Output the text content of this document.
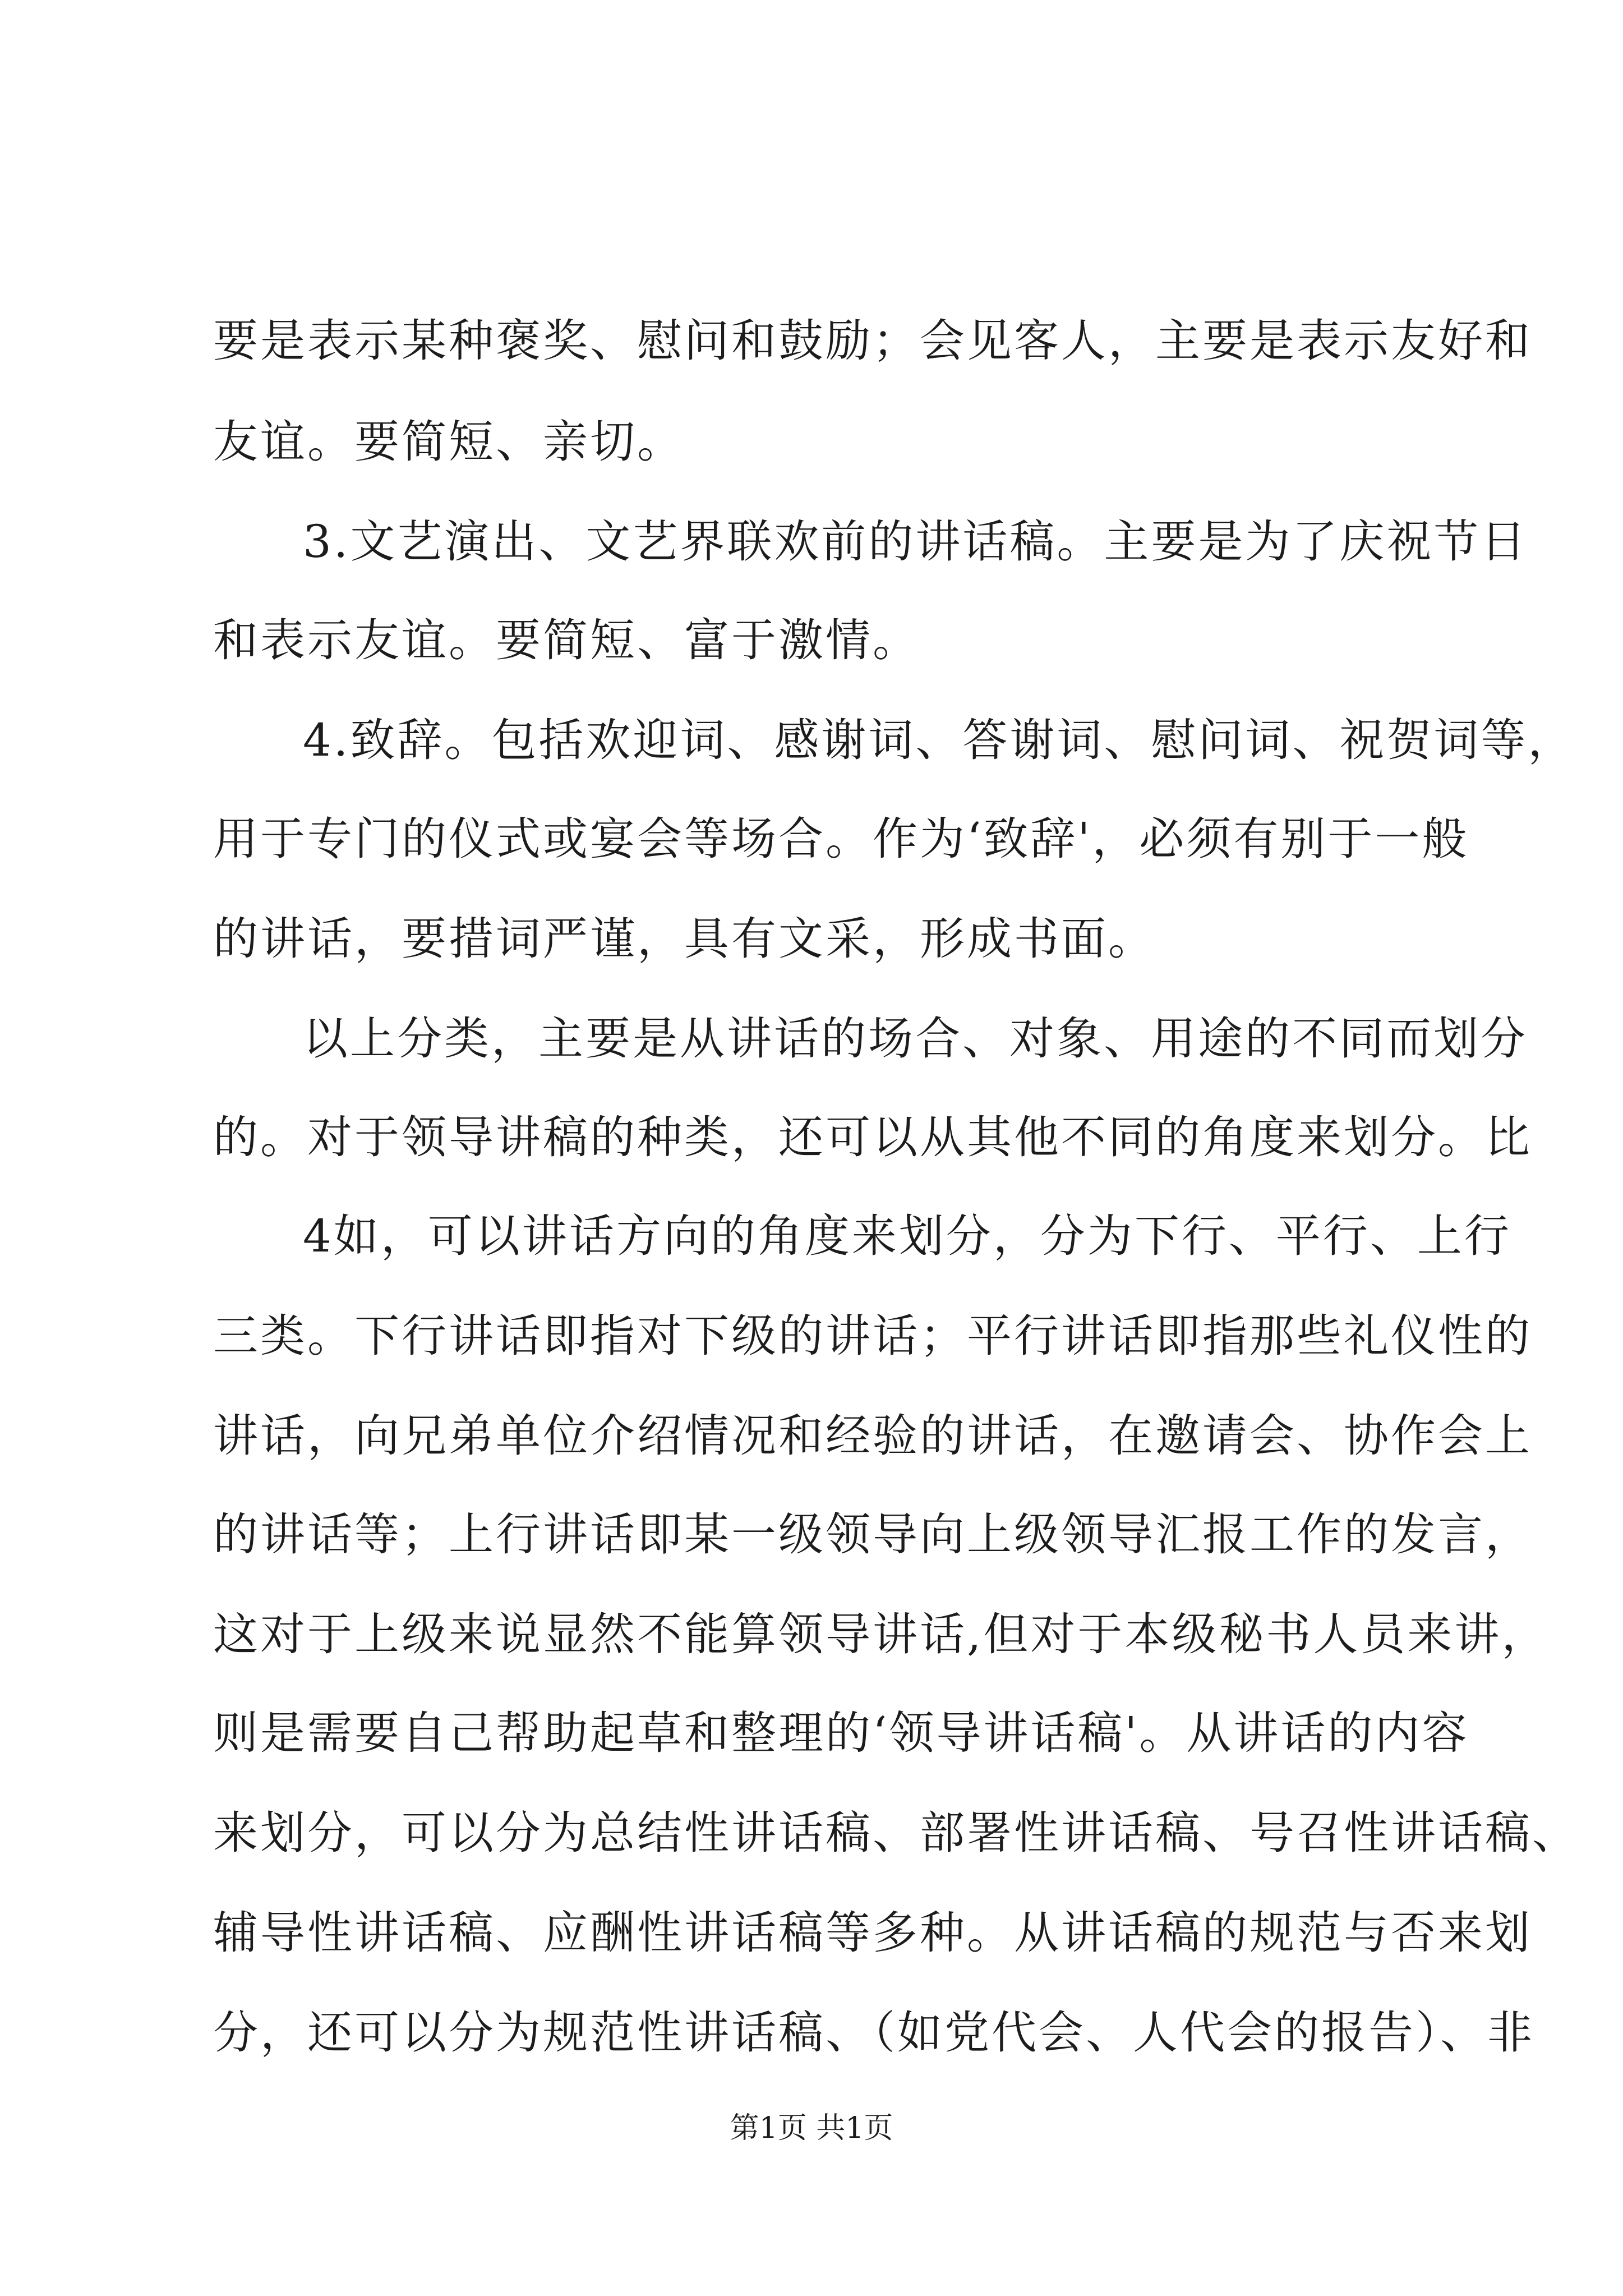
要是表示某种褒奖、慰问和鼓励；会见客人，主要是表示友好和
友谊。要简短、亲切。
3.文艺演出、文艺界联欢前的讲话稿。主要是为了庆祝节日
和表示友谊。要简短、富于激情。
4.致辞。包括欢迎词、感谢词、答谢词、慰问词、祝贺词等，
用于专门的仪式或宴会等场合。作为‘致辞'，必须有别于一般
的讲话，要措词严谨，具有文采，形成书面。
以上分类，主要是从讲话的场合、对象、用途的不同而划分
的。对于领导讲稿的种类，还可以从其他不同的角度来划分。比
4如，可以讲话方向的角度来划分，分为下行、平行、上行
三类。下行讲话即指对下级的讲话；平行讲话即指那些礼仪性的
讲话，向兄弟单位介绍情况和经验的讲话，在邀请会、协作会上
的讲话等；上行讲话即某一级领导向上级领导汇报工作的发言，
这对于上级来说显然不能算领导讲话,但对于本级秘书人员来讲，
则是需要自己帮助起草和整理的‘领导讲话稿'。从讲话的内容
来划分，可以分为总结性讲话稿、部署性讲话稿、号召性讲话稿、
辅导性讲话稿、应酬性讲话稿等多种。从讲话稿的规范与否来划
分，还可以分为规范性讲话稿、（如党代会、人代会的报告）、非
第1页 共1页
